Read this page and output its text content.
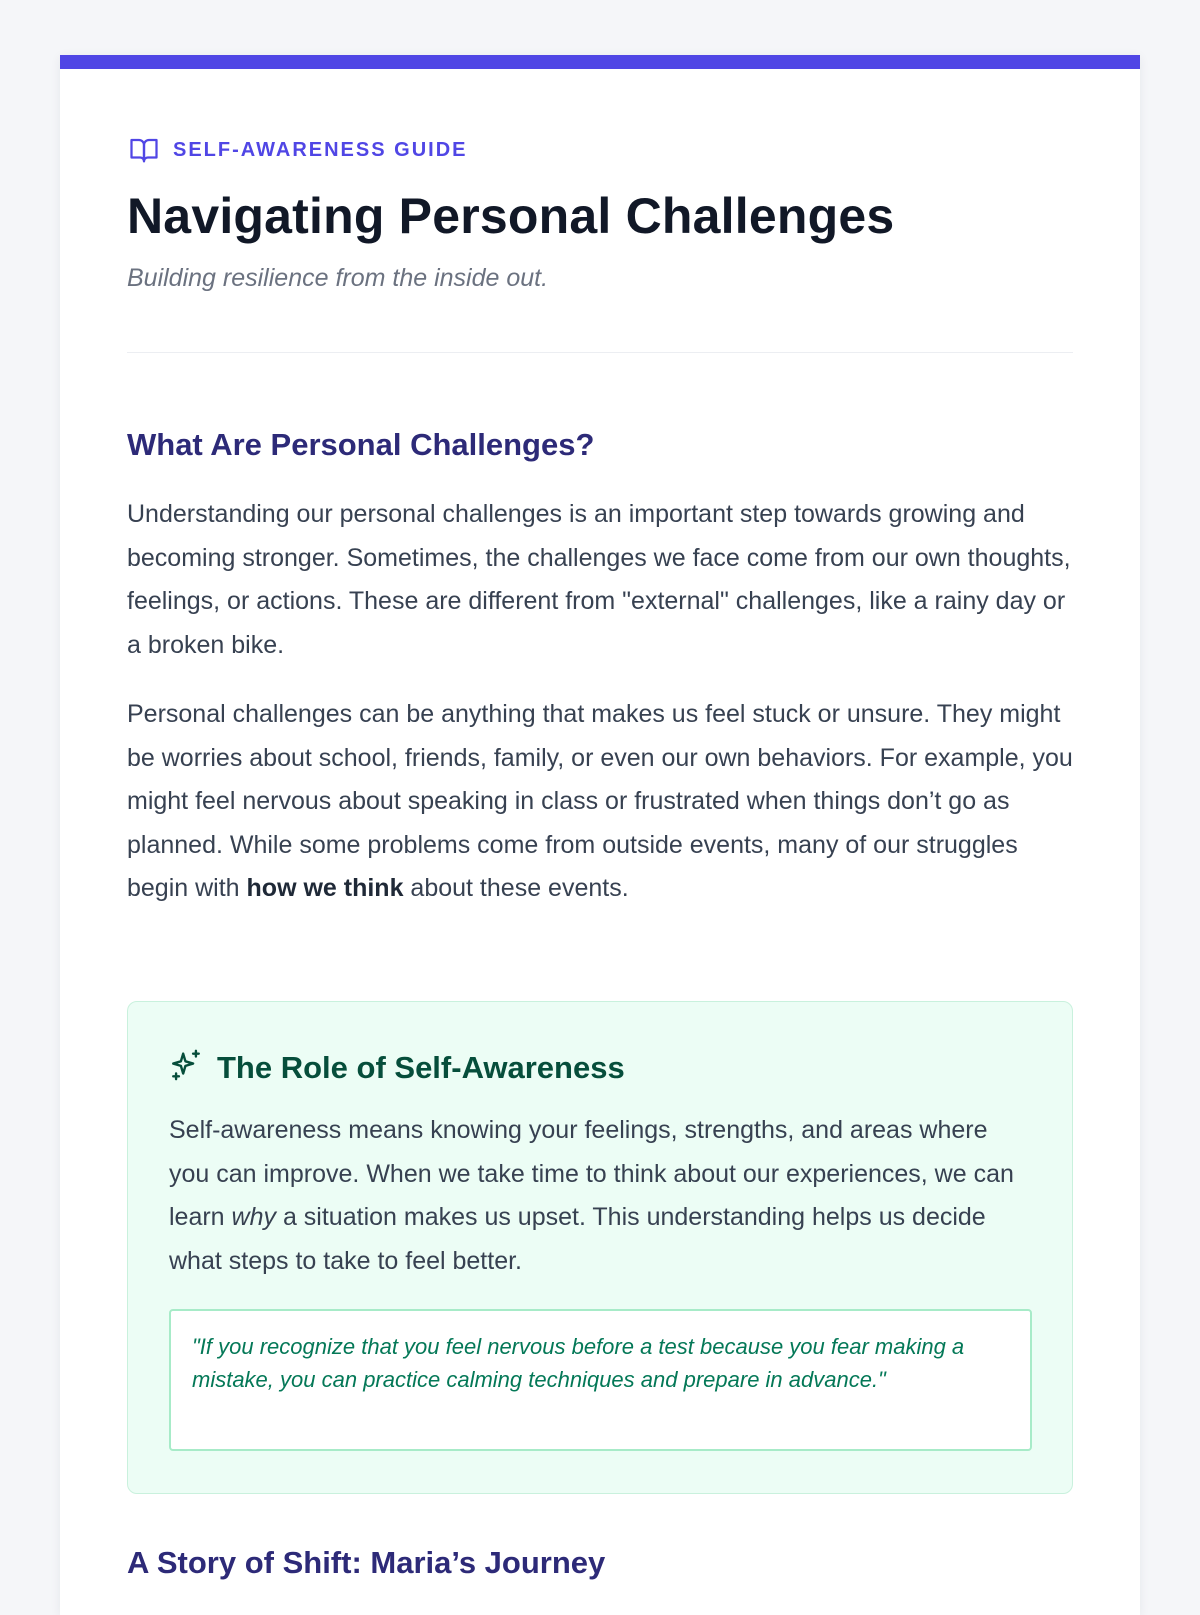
SELF-AWARENESS GUIDE
Navigating Personal Challenges

Building resilience from the inside out.

What Are Personal Challenges?

Understanding our personal challenges is an important step towards growing and becoming stronger. Sometimes, the challenges we face come from our own thoughts, feelings, or actions. These are different from "external" challenges, like a rainy day or a broken bike.

Personal challenges can be anything that makes us feel stuck or unsure. They might be worries about school, friends, family, or even our own behaviors. For example, you might feel nervous about speaking in class or frustrated when things don’t go as planned. While some problems come from outside events, many of our struggles begin with how we think about these events.

The Role of Self-Awareness

Self-awareness means knowing your feelings, strengths, and areas where you can improve. When we take time to think about our experiences, we can learn why a situation makes us upset. This understanding helps us decide what steps to take to feel better.

"If you recognize that you feel nervous before a test because you fear making a mistake, you can practice calming techniques and prepare in advance."
A Story of Shift: Maria’s Journey
